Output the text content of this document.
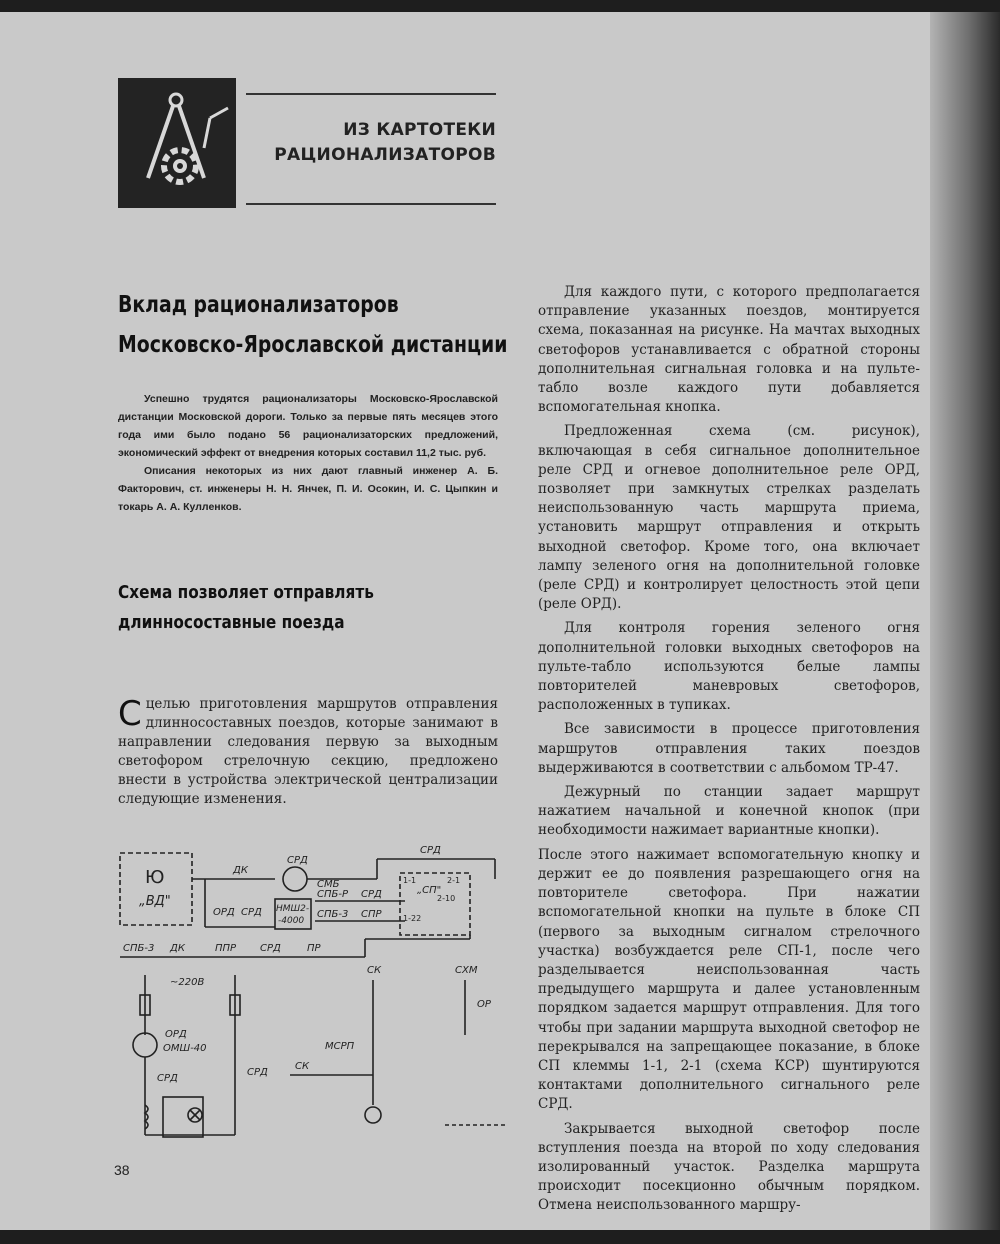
ИЗ КАРТОТЕКИ
РАЦИОНАЛИЗАТОРОВ
Вклад рационализаторов
Московско-Ярославской дистанции

Успешно трудятся рационализаторы Московско-Ярославской дистанции Московской дороги. Только за первые пять месяцев этого года ими было подано 56 рационализаторских предложений, экономический эффект от внедрения которых составил 11,2 тыс. руб.

Описания некоторых из них дают главный инженер А. Б. Факторович, ст. инженеры Н. Н. Янчек, П. И. Осокин, И. С. Цыпкин и токарь А. А. Кулленков.

Схема позволяет отправлять
длинносоставные поезда

Сцелью приготовления маршрутов отправления длинносоставных поездов, которые занимают в направлении следования первую за выходным светофором стрелочную секцию, предложено внести в устройства электрической централизации следующие изменения.

Ю
„ВД"
ДК
СРД
СМБ
ОРД СРД НМШ2-
-4000
СПБ-Р
СПБ-3 СПР
СРД
СРД
„СП"
1-1	2-1
1-22
2-10
СПБ-3 ДК	ППР СРД	ПР
~220В
ОРД
ОМШ-40
СРД
СРД
СК	СХМ
ОР
МСРП
СК

Для каждого пути, с которого предполагается отправление указанных поездов, монтируется схема, показанная на рисунке. На мачтах выходных светофоров устанавливается с обратной стороны дополнительная сигнальная головка и на пульте-табло возле каждого пути добавляется вспомогательная кнопка.

Предложенная схема (см. рисунок), включающая в себя сигнальное дополнительное реле СРД и огневое дополнительное реле ОРД, позволяет при замкнутых стрелках разделать неиспользованную часть маршрута приема, установить маршрут отправления и открыть выходной светофор. Кроме того, она включает лампу зеленого огня на дополнительной головке (реле СРД) и контролирует целостность этой цепи (реле ОРД).

Для контроля горения зеленого огня дополнительной головки выходных светофоров на пульте-табло используются белые лампы повторителей маневровых светофоров, расположенных в тупиках.

Все зависимости в процессе приготовления маршрутов отправления таких поездов выдерживаются в соответствии с альбомом ТР-47.

Дежурный по станции задает маршрут нажатием начальной и конечной кнопок (при необходимости нажимает вариантные кнопки).

После этого нажимает вспомогательную кнопку и держит ее до появления разрешающего огня на повторителе светофора. При нажатии вспомогательной кнопки на пульте в блоке СП (первого за выходным сигналом стрелочного участка) возбуждается реле СП-1, после чего разделывается неиспользованная часть предыдущего маршрута и далее установленным порядком задается маршрут отправления. Для того чтобы при задании маршрута выходной светофор не перекрывался на запрещающее показание, в блоке СП клеммы 1-1, 2-1 (схема КСР) шунтируются контактами дополнительного сигнального реле СРД.

Закрывается выходной светофор после вступления поезда на второй по ходу следования изолированный участок. Разделка маршрута происходит посекционно обычным порядком. Отмена неиспользованного маршру-

38
